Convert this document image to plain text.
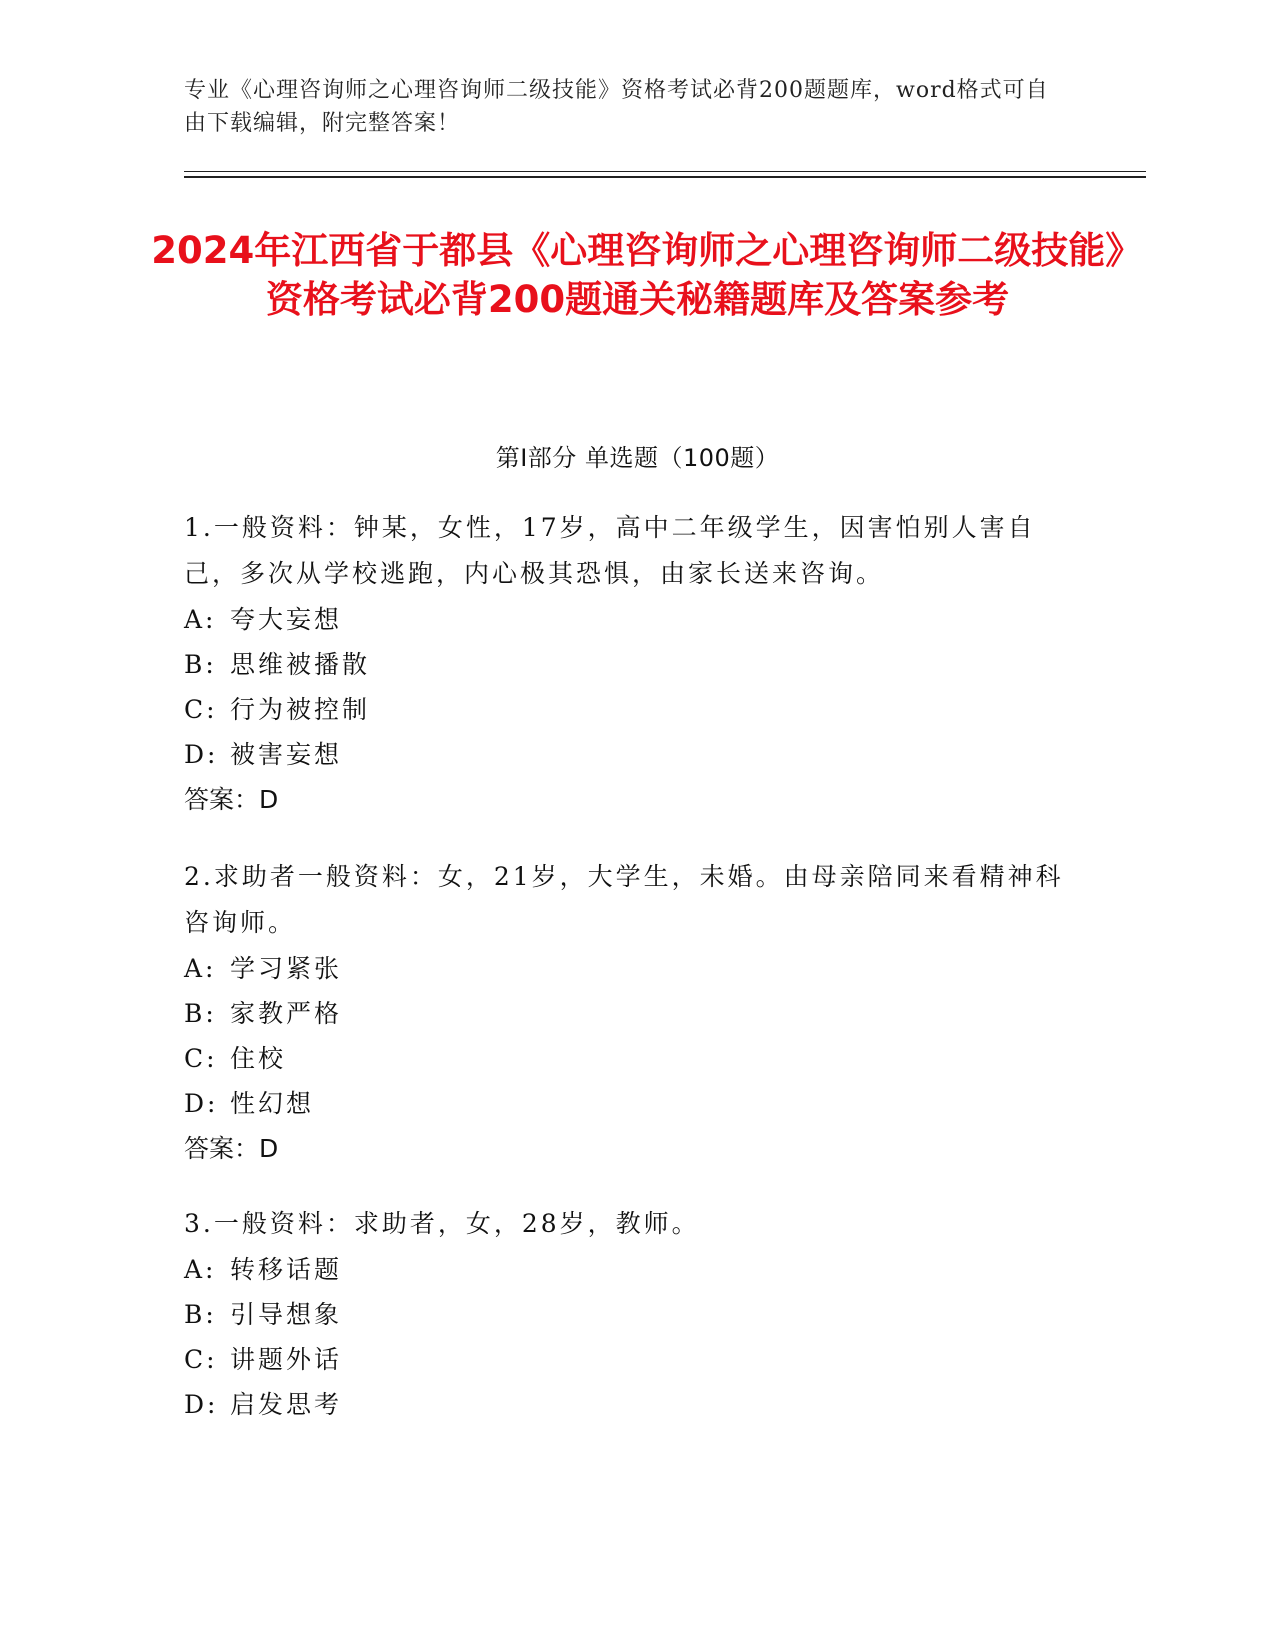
专业《心理咨询师之心理咨询师二级技能》资格考试必背200题题库，word格式可自由下载编辑，附完整答案！
2024年江西省于都县《心理咨询师之心理咨询师二级技能》资格考试必背200题通关秘籍题库及答案参考
第Ⅰ部分 单选题（100题）
1.一般资料：钟某，女性，17岁，高中二年级学生，因害怕别人害自己，多次从学校逃跑，内心极其恐惧，由家长送来咨询。
A: 夸大妄想
B: 思维被播散
C: 行为被控制
D: 被害妄想
答案：D
2.求助者一般资料：女，21岁，大学生，未婚。由母亲陪同来看精神科咨询师。
A: 学习紧张
B: 家教严格
C: 住校
D: 性幻想
答案：D
3.一般资料：求助者，女，28岁，教师。
A: 转移话题
B: 引导想象
C: 讲题外话
D: 启发思考
